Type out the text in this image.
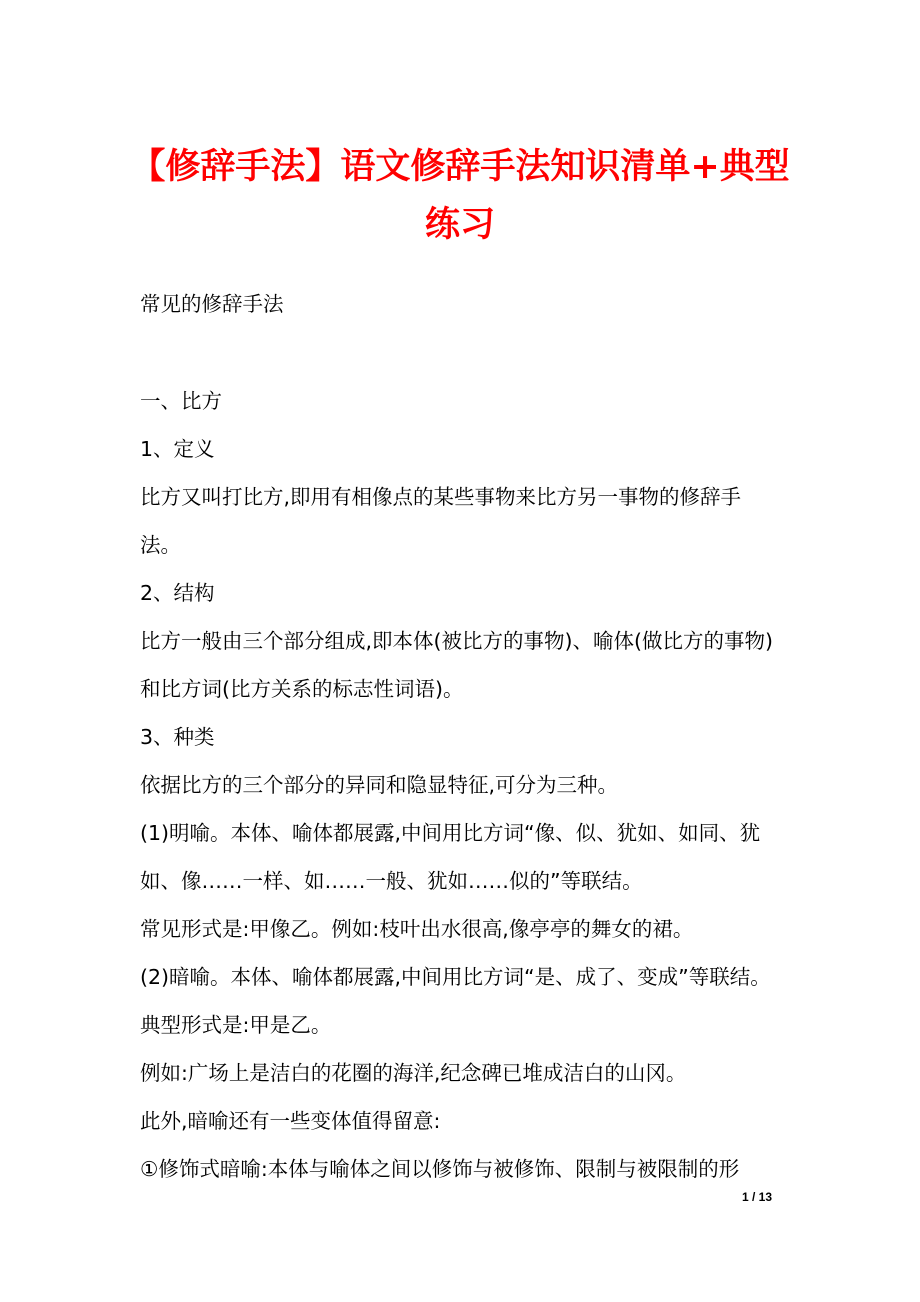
【修辞手法】语文修辞手法知识清单+典型
练习

常见的修辞手法

一、比方

1、定义

比方又叫打比方,即用有相像点的某些事物来比方另一事物的修辞手

法。

2、结构

比方一般由三个部分组成,即本体(被比方的事物)、喻体(做比方的事物)

和比方词(比方关系的标志性词语)。

3、种类

依据比方的三个部分的异同和隐显特征,可分为三种。

(1)明喻。本体、喻体都展露,中间用比方词“像、似、犹如、如同、犹

如、像……一样、如……一般、犹如……似的”等联结。

常见形式是:甲像乙。例如:枝叶出水很高,像亭亭的舞女的裙。

(2)暗喻。本体、喻体都展露,中间用比方词“是、成了、变成”等联结。

典型形式是:甲是乙。

例如:广场上是洁白的花圈的海洋,纪念碑已堆成洁白的山冈。

此外,暗喻还有一些变体值得留意:

①修饰式暗喻:本体与喻体之间以修饰与被修饰、限制与被限制的形

1 / 13
